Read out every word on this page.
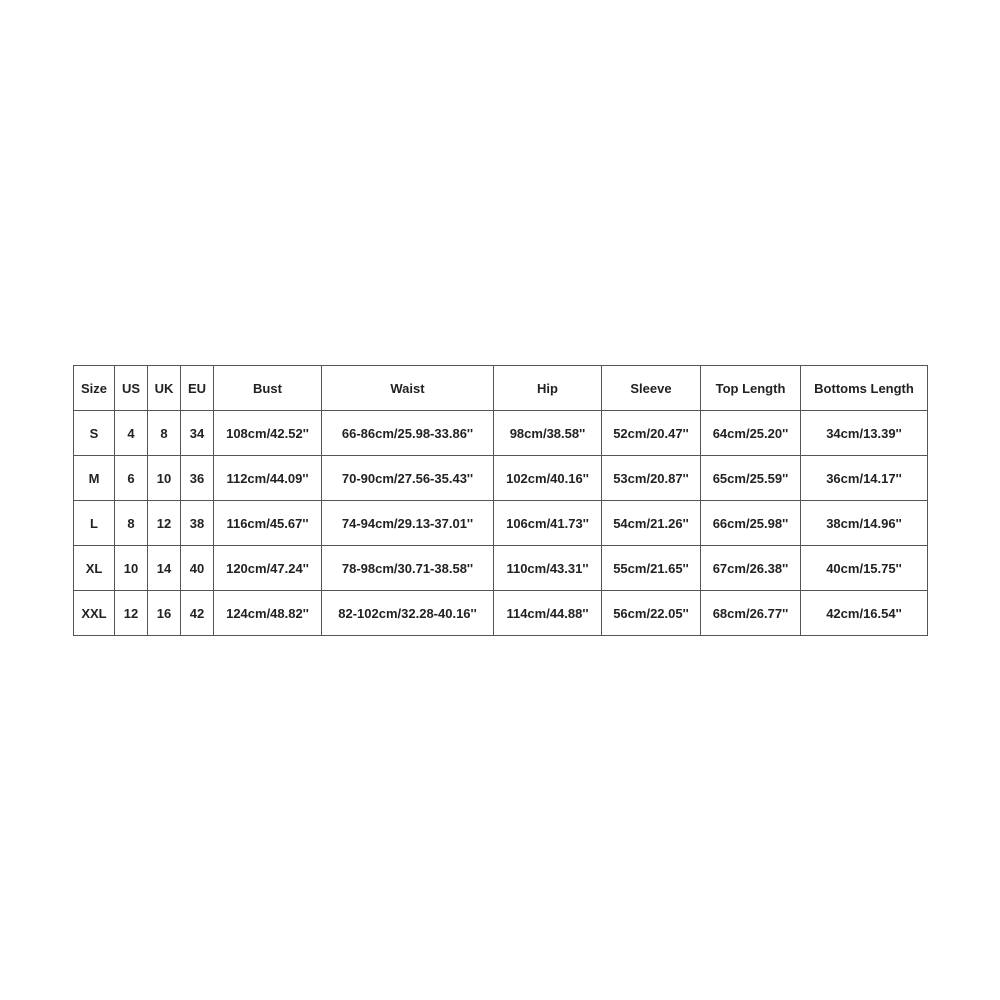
Size	US	UK	EU	Bust	Waist	Hip	Sleeve	Top Length	Bottoms Length
S	4	8	34	108cm/42.52''	66-86cm/25.98-33.86''	98cm/38.58''	52cm/20.47''	64cm/25.20''	34cm/13.39''
M	6	10	36	112cm/44.09''	70-90cm/27.56-35.43''	102cm/40.16''	53cm/20.87''	65cm/25.59''	36cm/14.17''
L	8	12	38	116cm/45.67''	74-94cm/29.13-37.01''	106cm/41.73''	54cm/21.26''	66cm/25.98''	38cm/14.96''
XL	10	14	40	120cm/47.24''	78-98cm/30.71-38.58''	110cm/43.31''	55cm/21.65''	67cm/26.38''	40cm/15.75''
XXL	12	16	42	124cm/48.82''	82-102cm/32.28-40.16''	114cm/44.88''	56cm/22.05''	68cm/26.77''	42cm/16.54''
